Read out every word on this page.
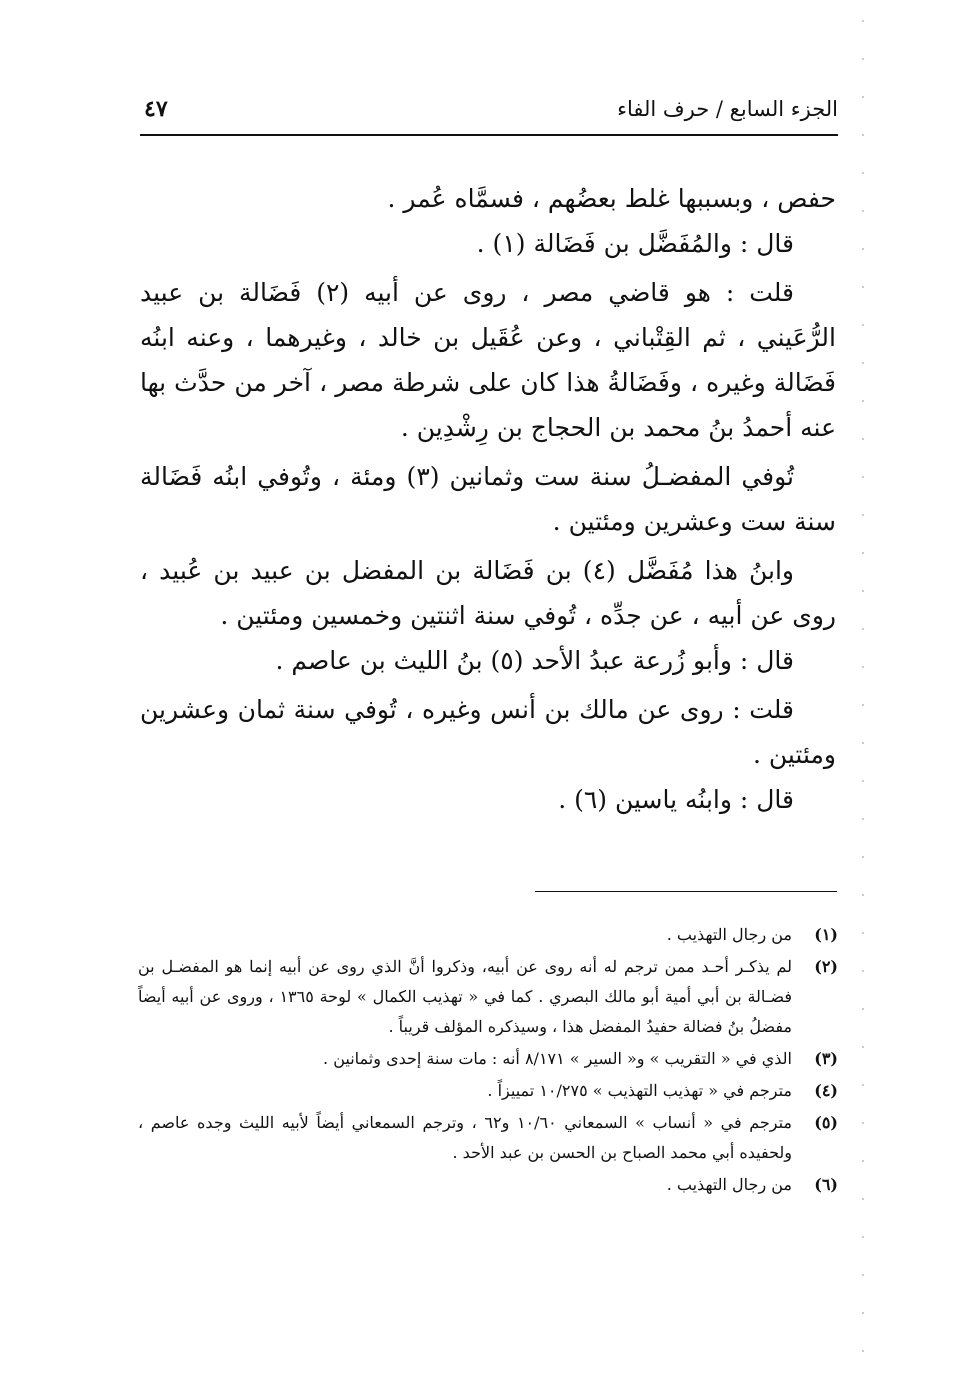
الجزء السابع / حرف الفاء
٤٧

حفص ، وبسببها غلط بعضُهم ، فسمَّاه عُمر .

قال : والمُفَضَّل بن فَضَالة (١) .

قلت : هو قاضي مصر ، روى عن أبيه (٢) فَضَالة بن عبيد الرُّعَيني ، ثم القِتْباني ، وعن عُقَيل بن خالد ، وغيرهما ، وعنه ابنُه فَضَالة وغيره ، وفَضَالةُ هذا كان على شرطة مصر ، آخر من حدَّث بها عنه أحمدُ بنُ محمد بن الحجاج بن رِشْدِين .

تُوفي المفضـلُ سنة ست وثمانين (٣) ومئة ، وتُوفي ابنُه فَضَالة سنة ست وعشرين ومئتين .

وابنُ هذا مُفَضَّل (٤) بن فَضَالة بن المفضل بن عبيد بن عُبيد ، روى عن أبيه ، عن جدِّه ، تُوفي سنة اثنتين وخمسين ومئتين .

قال : وأبو زُرعة عبدُ الأحد (٥) بنُ الليث بن عاصم .

قلت : روى عن مالك بن أنس وغيره ، تُوفي سنة ثمان وعشرين ومئتين .

قال : وابنُه ياسين (٦) .

(١)
من رجال التهذيب .
(٢)
لم يذكـر أحـد ممن ترجم له أنه روى عن أبيه، وذكروا أنَّ الذي روى عن أبيه إنما هو المفضـل بن فضـالة بن أبي أمية أبو مالك البصري . كما في « تهذيب الكمال » لوحة ١٣٦٥ ، وروى عن أبيه أيضاً مفضلُ بنُ فضالة حفيدُ المفضل هذا ، وسيذكره المؤلف قريباً .
(٣)
الذي في « التقريب » و« السير » ٨/١٧١ أنه : مات سنة إحدى وثمانين .
(٤)
مترجم في « تهذيب التهذيب » ١٠/٢٧٥ تمييزاً .
(٥)
مترجم في « أنساب » السمعاني ١٠/٦٠ و٦٢ ، وترجم السمعاني أيضاً لأبيه الليث وجده عاصم ، ولحفيده أبي محمد الصباح بن الحسن بن عبد الأحد .
(٦)
من رجال التهذيب .
